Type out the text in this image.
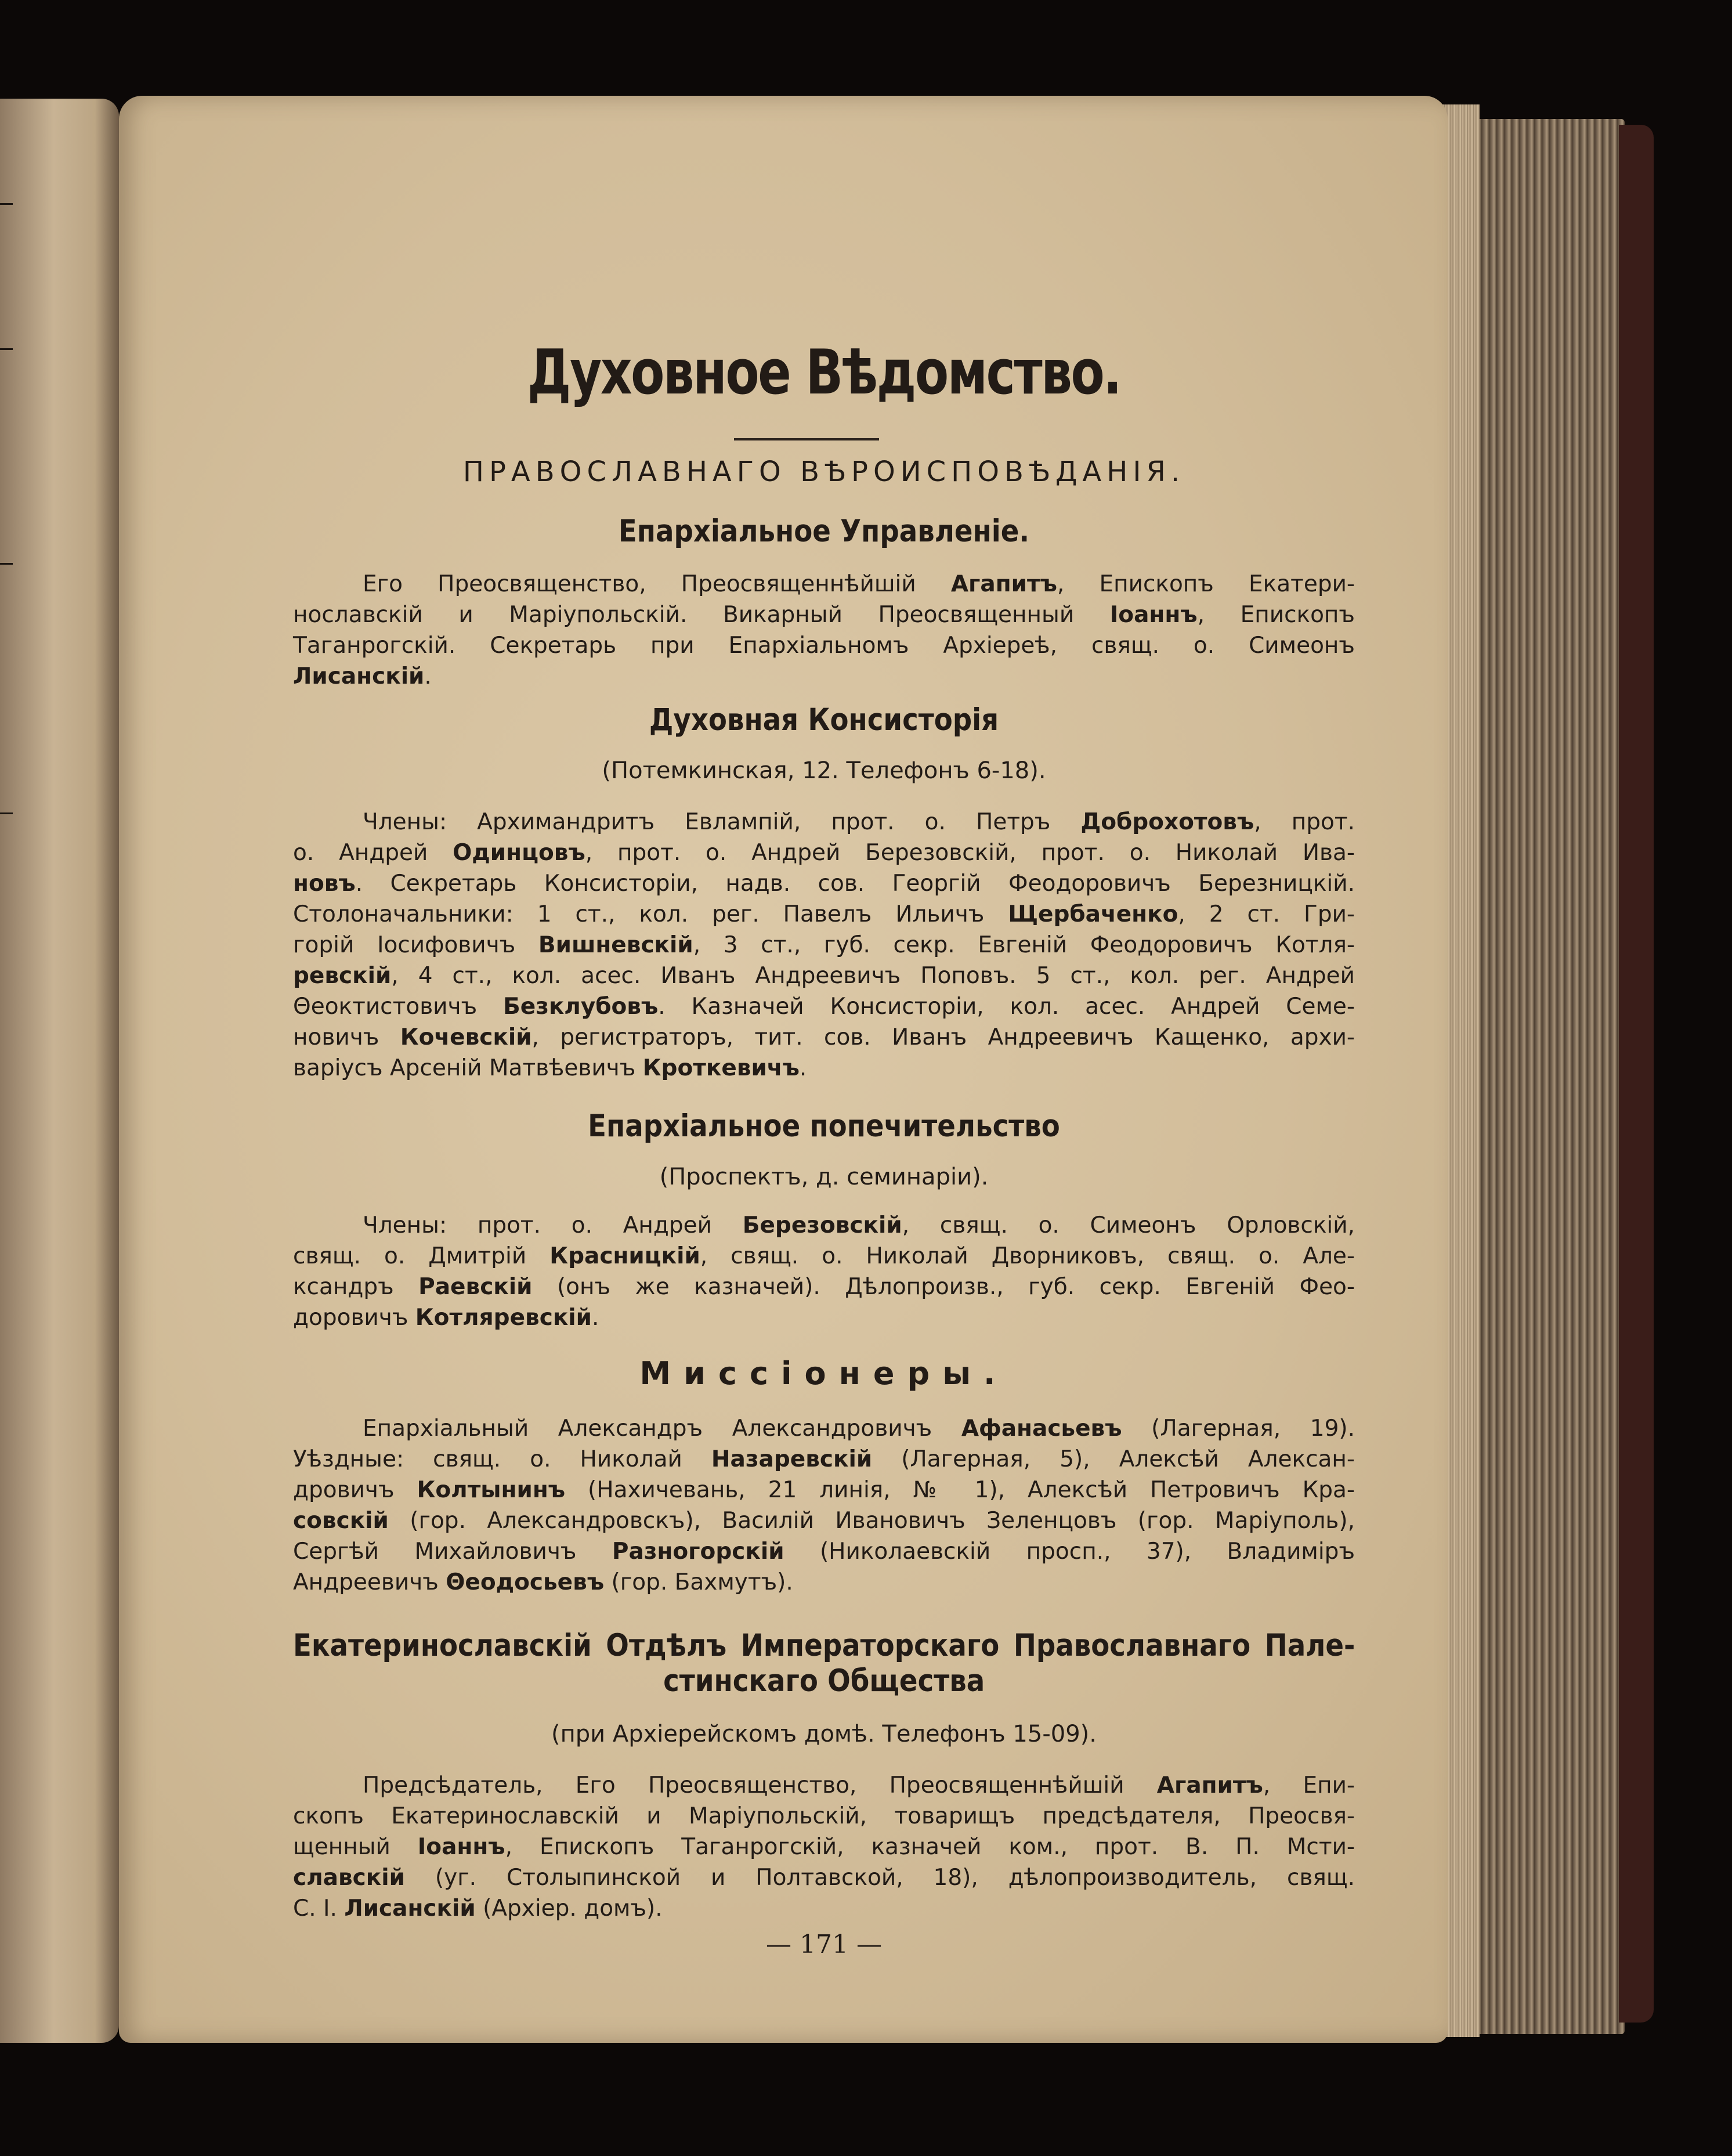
Духовное Вѣдомство.
ПРАВОСЛАВНАГО ВѢРОИСПОВѢДАНІЯ.
Епархіальное Управленіе.
Его Преосвященство, Преосвященнѣйшій Агапитъ, Епископъ Екатери-
нославскій и Маріупольскій. Викарный Преосвященный Іоаннъ, Епископъ
Таганрогскій. Секретарь при Епархіальномъ Архіереѣ, свящ. о. Симеонъ
Лисанскій.
Духовная Консисторія
(Потемкинская, 12. Телефонъ 6-18).
Члены: Архимандритъ Евлампій, прот. о. Петръ Доброхотовъ, прот.
о. Андрей Одинцовъ, прот. о. Андрей Березовскій, прот. о. Николай Ива-
новъ. Секретарь Консисторіи, надв. сов. Георгій Феодоровичъ Березницкій.
Столоначальники: 1 ст., кол. рег. Павелъ Ильичъ Щербаченко, 2 ст. Гри-
горій Іосифовичъ Вишневскій, 3 ст., губ. секр. Евгеній Феодоровичъ Котля-
ревскій, 4 ст., кол. асес. Иванъ Андреевичъ Поповъ. 5 ст., кол. рег. Андрей
Θеоктистовичъ Безклубовъ. Казначей Консисторіи, кол. асес. Андрей Семе-
новичъ Кочевскій, регистраторъ, тит. сов. Иванъ Андреевичъ Кащенко, архи-
варіусъ Арсеній Матвѣевичъ Кроткевичъ.
Епархіальное попечительство
(Проспектъ, д. семинаріи).
Члены: прот. о. Андрей Березовскій, свящ. о. Симеонъ Орловскій,
свящ. о. Дмитрій Красницкій, свящ. о. Николай Дворниковъ, свящ. о. Але-
ксандръ Раевскій (онъ же казначей). Дѣлопроизв., губ. секр. Евгеній Фео-
доровичъ Котляревскій.
Миссіонеры.
Епархіальный Александръ Александровичъ Афанасьевъ (Лагерная, 19).
Уѣздные: свящ. о. Николай Назаревскій (Лагерная, 5), Алексѣй Алексан-
дровичъ Колтынинъ (Нахичевань, 21 линія, № 1), Алексѣй Петровичъ Кра-
совскій (гор. Александровскъ), Василій Ивановичъ Зеленцовъ (гор. Маріуполь),
Сергѣй Михайловичъ Разногорскій (Николаевскій просп., 37), Владиміръ
Андреевичъ Θеодосьевъ (гор. Бахмутъ).
Екатеринославскій Отдѣлъ Императорскаго Православнаго Пале-
стинскаго Общества
(при Архіерейскомъ домѣ. Телефонъ 15-09).
Предсѣдатель, Его Преосвященство, Преосвященнѣйшій Агапитъ, Епи-
скопъ Екатеринославскій и Маріупольскій, товарищъ предсѣдателя, Преосвя-
щенный Іоаннъ, Епископъ Таганрогскій, казначей ком., прот. В. П. Мсти-
славскій (уг. Столыпинской и Полтавской, 18), дѣлопроизводитель, свящ.
С. І. Лисанскій (Архіер. домъ).
— 171 —
